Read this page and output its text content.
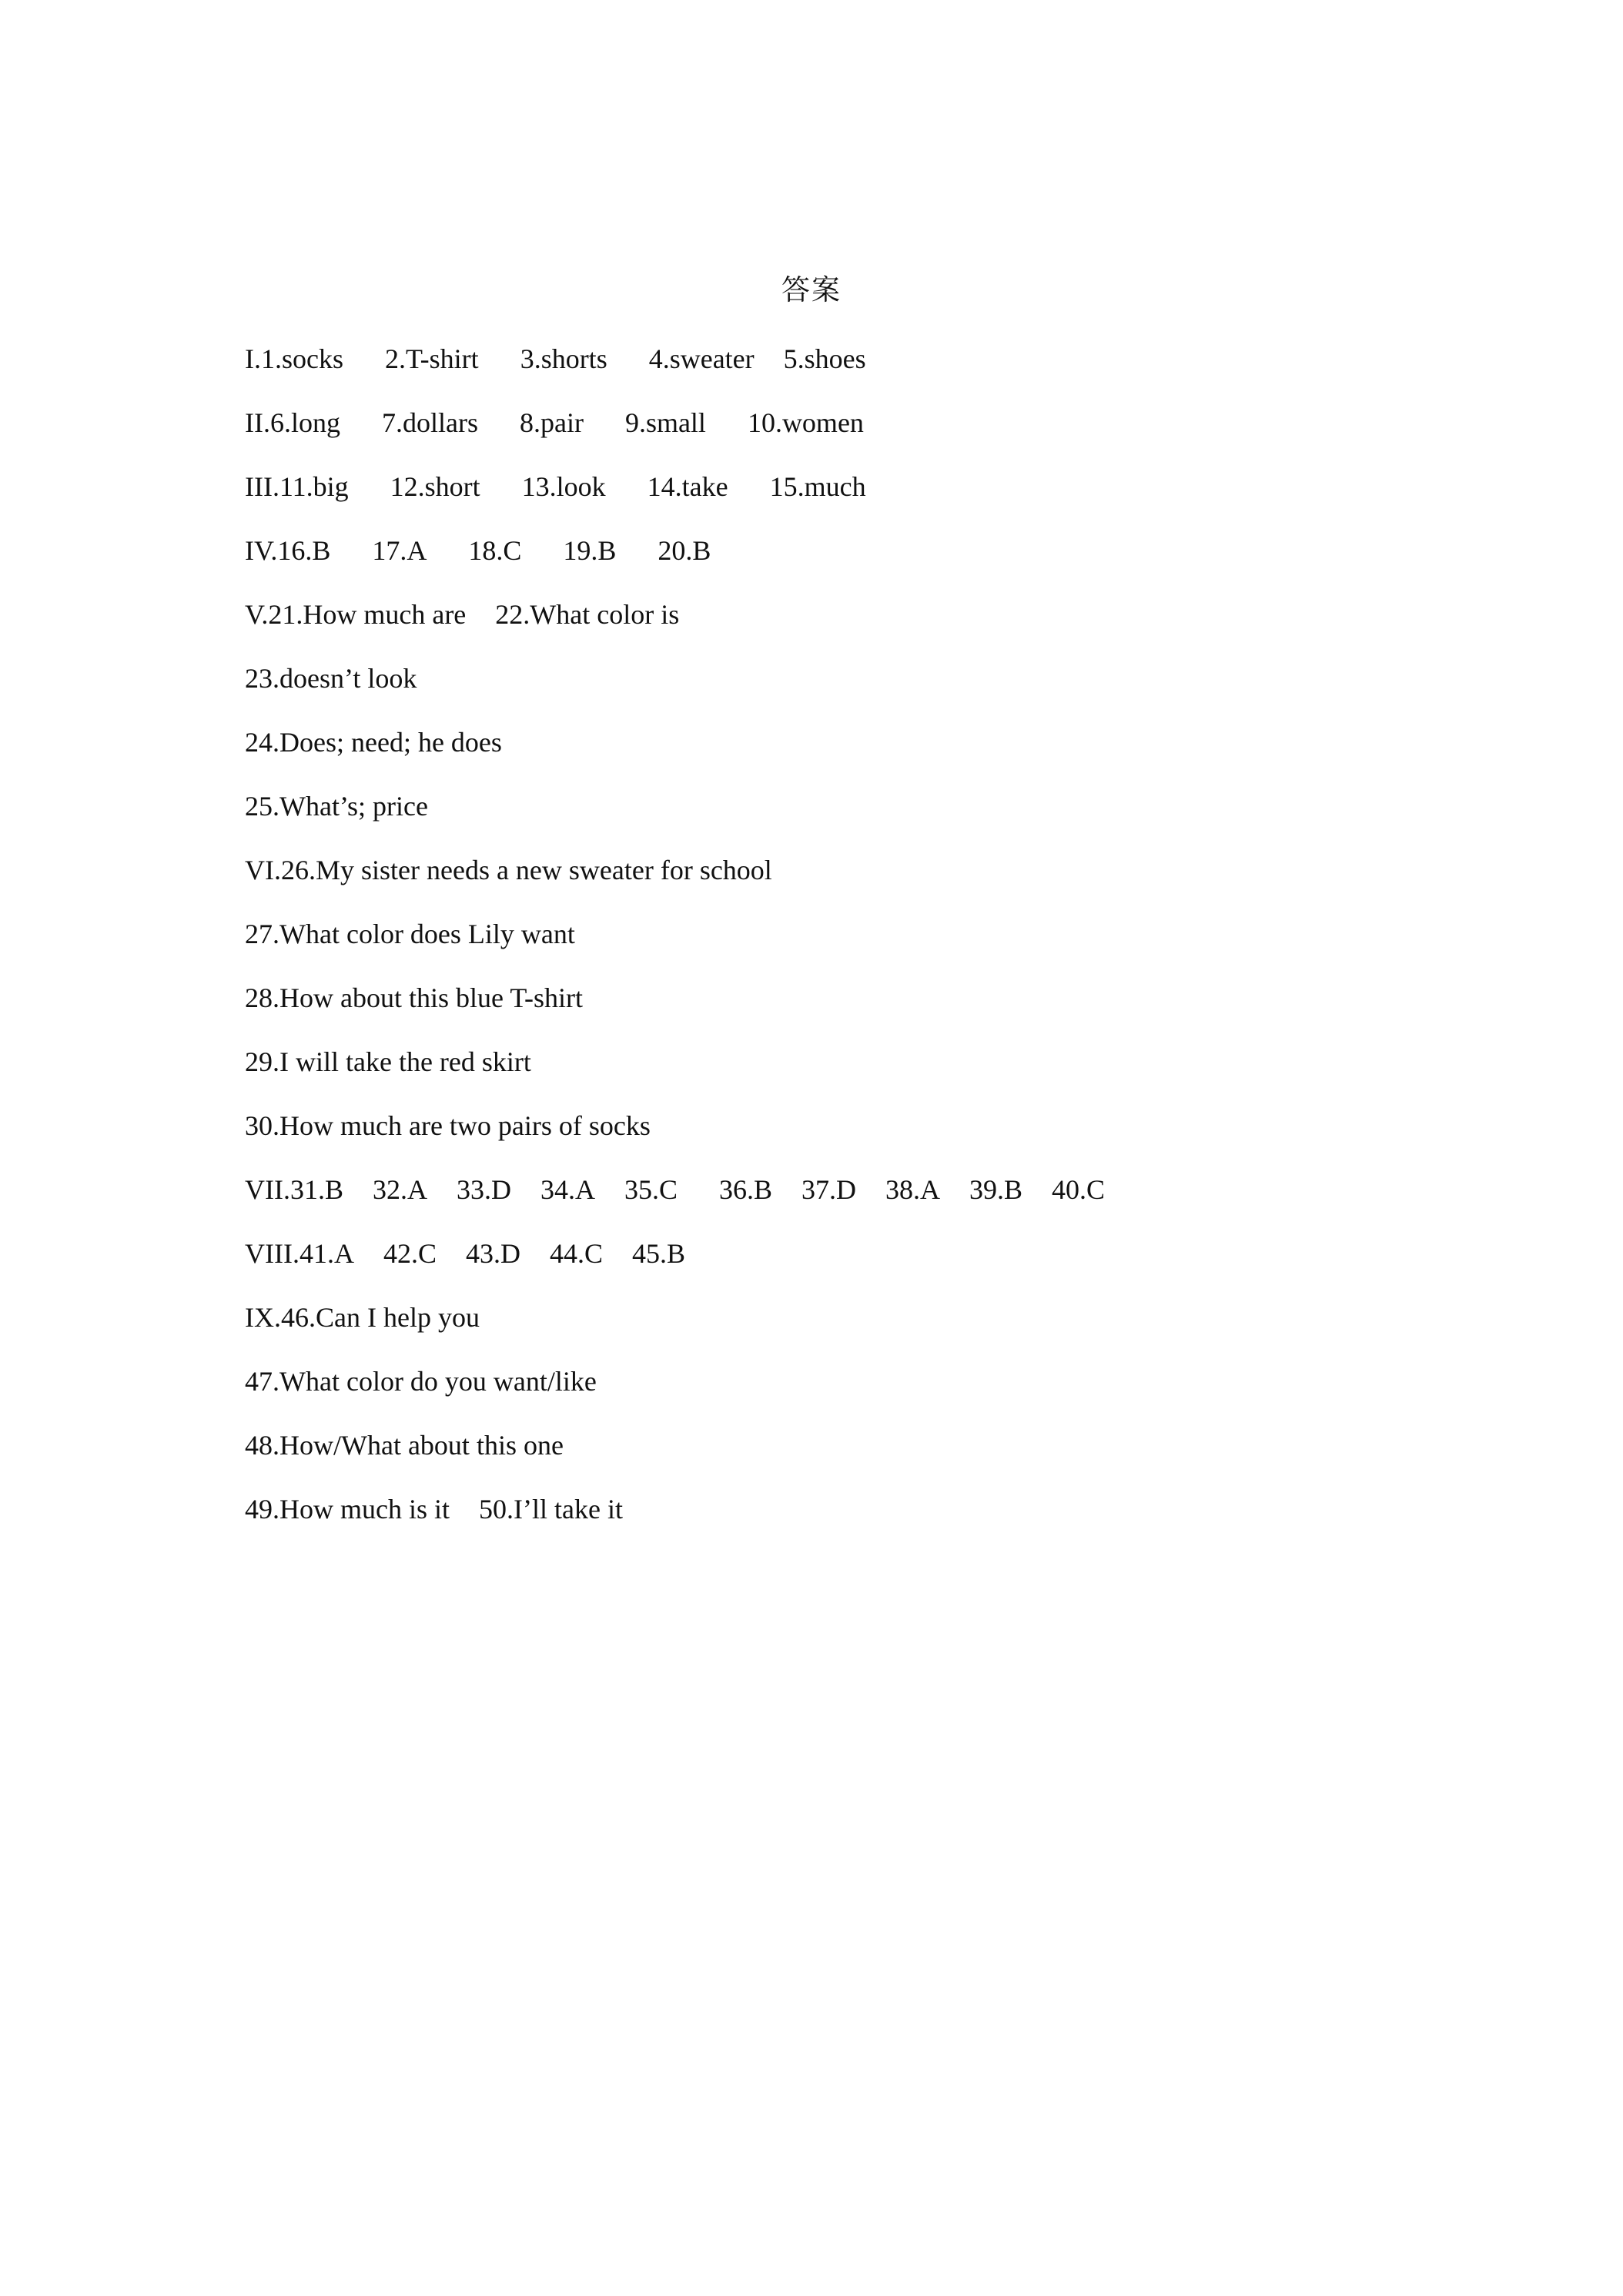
答案
I.1.socks 2.T-shirt 3.shorts 4.sweater 5.shoes
II.6.long 7.dollars 8.pair 9.small 10.women
III.11.big 12.short 13.look 14.take 15.much
IV.16.B 17.A 18.C 19.B 20.B
V.21.How much are 22.What color is
23.doesn’t look
24.Does; need; he does
25.What’s; price
VI.26.My sister needs a new sweater for school
27.What color does Lily want
28.How about this blue T-shirt
29.I will take the red skirt
30.How much are two pairs of socks
VII.31.B 32.A 33.D 34.A 35.C 36.B 37.D 38.A 39.B 40.C
VIII.41.A 42.C 43.D 44.C 45.B
IX.46.Can I help you
47.What color do you want/like
48.How/What about this one
49.How much is it 50.I’ll take it
